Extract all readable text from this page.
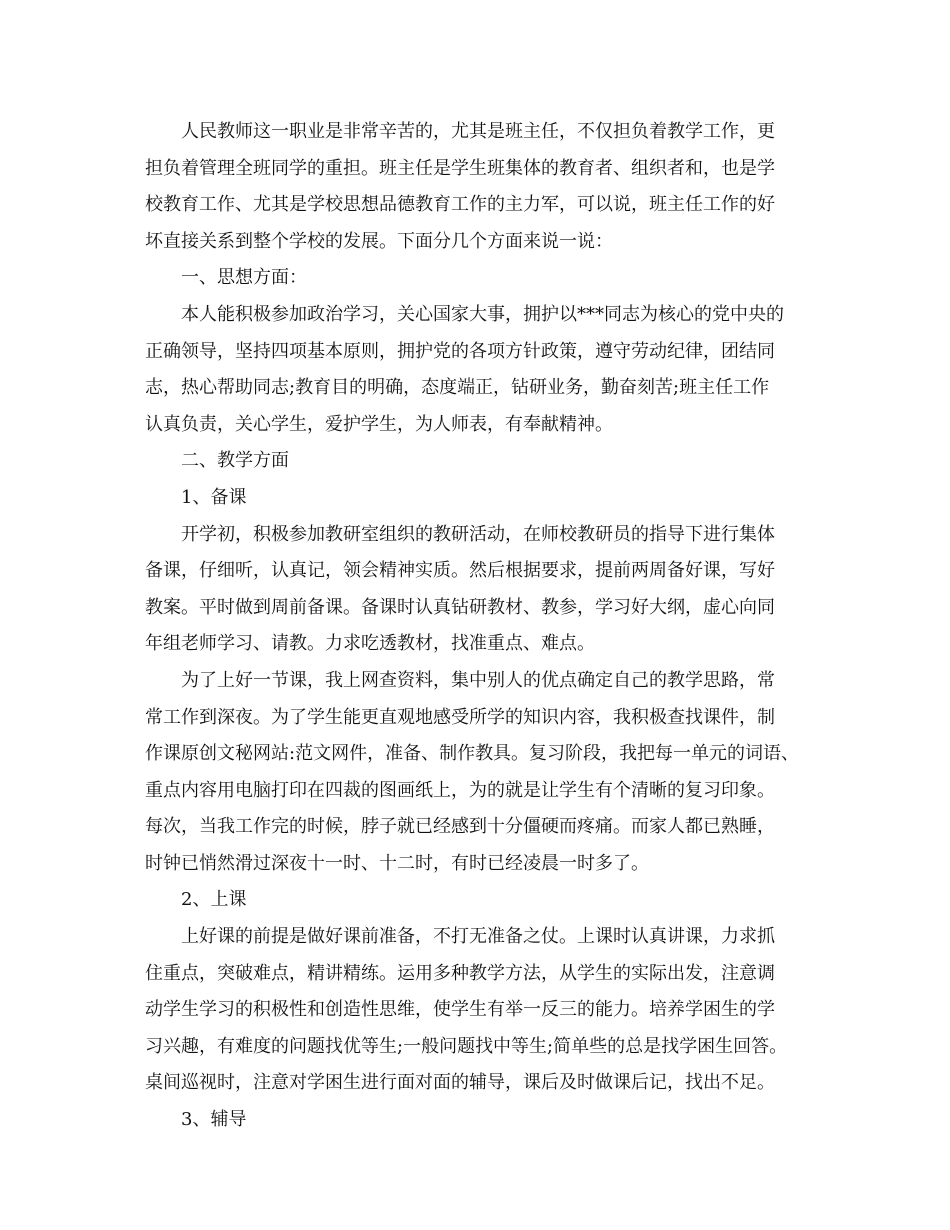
人民教师这一职业是非常辛苦的，尤其是班主任，不仅担负着教学工作，更
担负着管理全班同学的重担。班主任是学生班集体的教育者、组织者和，也是学
校教育工作、尤其是学校思想品德教育工作的主力军，可以说，班主任工作的好
坏直接关系到整个学校的发展。下面分几个方面来说一说：
一、思想方面：
本人能积极参加政治学习，关心国家大事，拥护以***同志为核心的党中央的
正确领导，坚持四项基本原则，拥护党的各项方针政策，遵守劳动纪律，团结同
志，热心帮助同志;教育目的明确，态度端正，钻研业务，勤奋刻苦;班主任工作
认真负责，关心学生，爱护学生，为人师表，有奉献精神。
二、教学方面
1、备课
开学初，积极参加教研室组织的教研活动，在师校教研员的指导下进行集体
备课，仔细听，认真记，领会精神实质。然后根据要求，提前两周备好课，写好
教案。平时做到周前备课。备课时认真钻研教材、教参，学习好大纲，虚心向同
年组老师学习、请教。力求吃透教材，找准重点、难点。
为了上好一节课，我上网查资料，集中别人的优点确定自己的教学思路，常
常工作到深夜。为了学生能更直观地感受所学的知识内容，我积极查找课件，制
作课原创文秘网站:范文网件，准备、制作教具。复习阶段，我把每一单元的词语、
重点内容用电脑打印在四裁的图画纸上，为的就是让学生有个清晰的复习印象。
每次，当我工作完的时候，脖子就已经感到十分僵硬而疼痛。而家人都已熟睡，
时钟已悄然滑过深夜十一时、十二时，有时已经凌晨一时多了。
2、上课
上好课的前提是做好课前准备，不打无准备之仗。上课时认真讲课，力求抓
住重点，突破难点，精讲精练。运用多种教学方法，从学生的实际出发，注意调
动学生学习的积极性和创造性思维，使学生有举一反三的能力。培养学困生的学
习兴趣，有难度的问题找优等生;一般问题找中等生;简单些的总是找学困生回答。
桌间巡视时，注意对学困生进行面对面的辅导，课后及时做课后记，找出不足。
3、辅导
